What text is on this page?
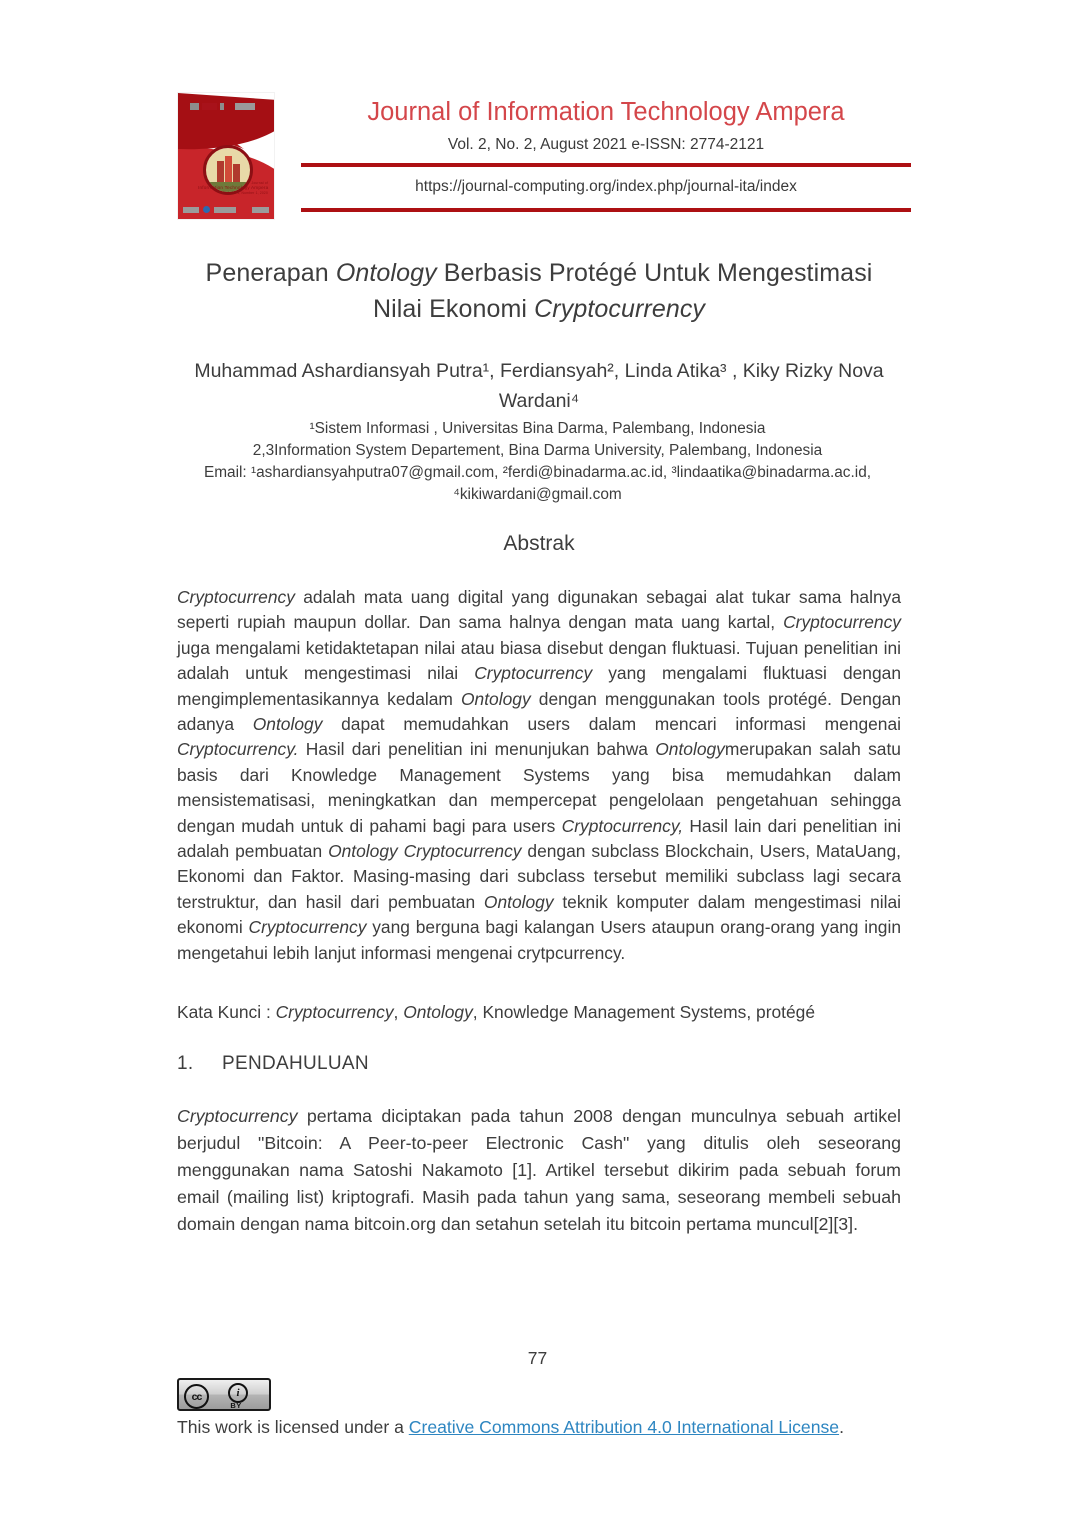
Journal of
Information Technology Ampera
Volume 1, Number 1, 2020
Journal of Information Technology Ampera
Vol. 2, No. 2, August 2021 e-ISSN: 2774-2121
https://journal-computing.org/index.php/journal-ita/index
Penerapan Ontology Berbasis Protégé Untuk Mengestimasi
Nilai Ekonomi Cryptocurrency
Muhammad Ashardiansyah Putra¹, Ferdiansyah², Linda Atika³ , Kiky Rizky Nova
Wardani⁴
¹Sistem Informasi , Universitas Bina Darma, Palembang, Indonesia
2,3Information System Departement, Bina Darma University, Palembang, Indonesia
Email: ¹ashardiansyahputra07@gmail.com, ²ferdi@binadarma.ac.id, ³lindaatika@binadarma.ac.id,
⁴kikiwardani@gmail.com
Abstrak
Cryptocurrency adalah mata uang digital yang digunakan sebagai alat tukar sama halnya seperti rupiah maupun dollar. Dan sama halnya dengan mata uang kartal, Cryptocurrency juga mengalami ketidaktetapan nilai atau biasa disebut dengan fluktuasi. Tujuan penelitian ini adalah untuk mengestimasi nilai Cryptocurrency yang mengalami fluktuasi dengan mengimplementasikannya kedalam Ontology dengan menggunakan tools protégé. Dengan adanya Ontology dapat memudahkan users dalam mencari informasi mengenai Cryptocurrency. Hasil dari penelitian ini menunjukan bahwa Ontologymerupakan salah satu basis dari Knowledge Management Systems yang bisa memudahkan dalam mensistematisasi, meningkatkan dan mempercepat pengelolaan pengetahuan sehingga dengan mudah untuk di pahami bagi para users Cryptocurrency, Hasil lain dari penelitian ini adalah pembuatan Ontology Cryptocurrency dengan subclass Blockchain, Users, MataUang, Ekonomi dan Faktor. Masing-masing dari subclass tersebut memiliki subclass lagi secara terstruktur, dan hasil dari pembuatan Ontology teknik komputer dalam mengestimasi nilai ekonomi Cryptocurrency yang berguna bagi kalangan Users ataupun orang-orang yang ingin mengetahui lebih lanjut informasi mengenai crytpcurrency.
Kata Kunci : Cryptocurrency, Ontology, Knowledge Management Systems, protégé
1. PENDAHULUAN
Cryptocurrency pertama diciptakan pada tahun 2008 dengan munculnya sebuah artikel berjudul "Bitcoin: A Peer-to-peer Electronic Cash" yang ditulis oleh seseorang menggunakan nama Satoshi Nakamoto [1]. Artikel tersebut dikirim pada sebuah forum email (mailing list) kriptografi. Masih pada tahun yang sama, seseorang membeli sebuah domain dengan nama bitcoin.org dan setahun setelah itu bitcoin pertama muncul[2][3].
77
cc	i
BY
This work is licensed under a Creative Commons Attribution 4.0 International License.
